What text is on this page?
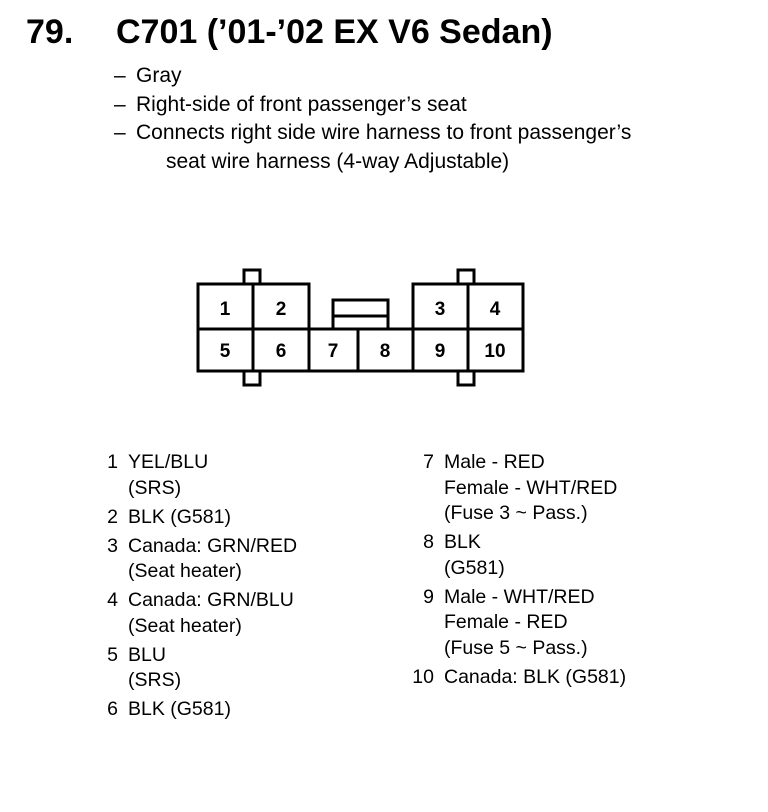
79. C701 (’01-’02 EX V6 Sedan)
– Gray
– Right-side of front passenger’s seat
– Connects right side wire harness to front passenger’s seat wire harness (4-way Adjustable)
1 2	3 4
5 6 7 8 9 10
1 YEL/BLU
(SRS)
2 BLK (G581)
3 Canada: GRN/RED
(Seat heater)
4 Canada: GRN/BLU
(Seat heater)
5 BLU
(SRS)
6 BLK (G581)
7 Male - RED
Female - WHT/RED
(Fuse 3 ~ Pass.)
8 BLK
(G581)
9 Male - WHT/RED
Female - RED
(Fuse 5 ~ Pass.)
10 Canada: BLK (G581)
